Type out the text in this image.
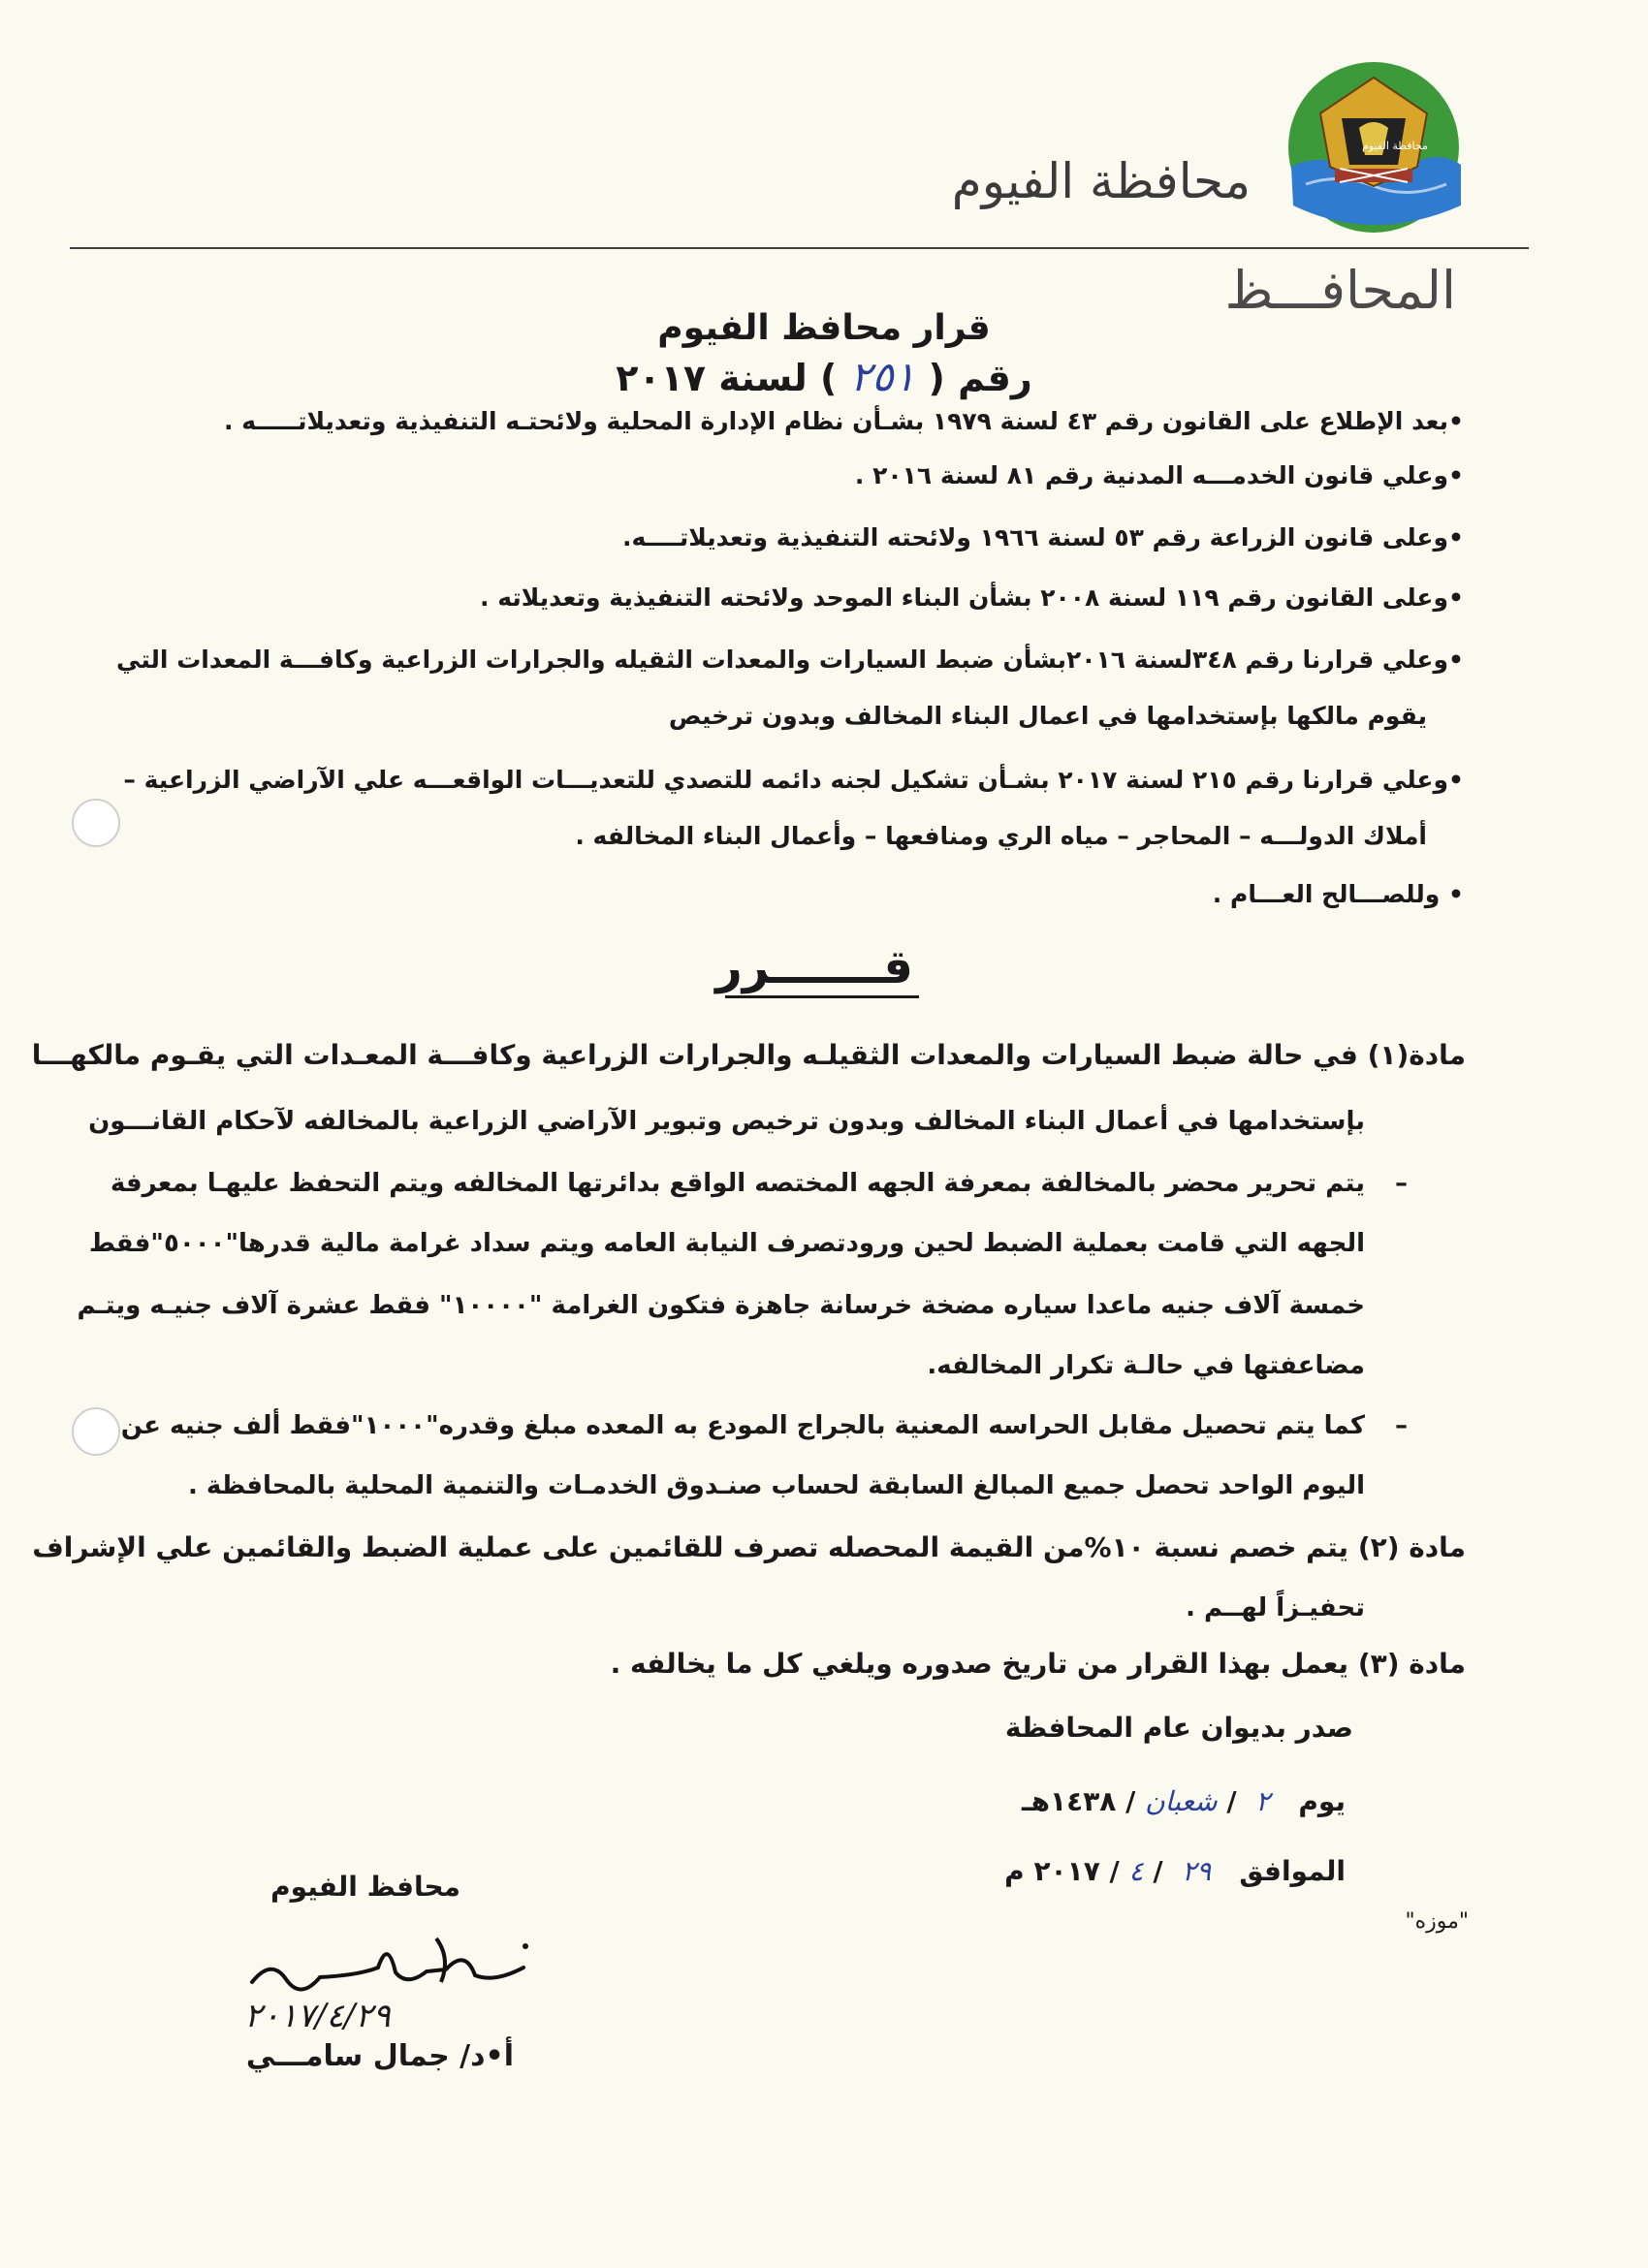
محافظة الفيوم
محافظة الفيوم
المحافـــظ
قرار محافظ الفيوم
رقم ( ٢٥١ ) لسنة ٢٠١٧
•بعد الإطلاع على القانون رقم ٤٣ لسنة ١٩٧٩ بشـأن نظام الإدارة المحلية ولائحتـه التنفيذية وتعديلاتـــــه .
•وعلي قانون الخدمـــه المدنية رقم ٨١ لسنة ٢٠١٦ .
•وعلى قانون الزراعة رقم ٥٣ لسنة ١٩٦٦ ولائحته التنفيذية وتعديلاتــــه.
•وعلى القانون رقم ١١٩ لسنة ٢٠٠٨ بشأن البناء الموحد ولائحته التنفيذية وتعديلاته .
•وعلي قرارنا رقم ٣٤٨لسنة ٢٠١٦بشأن ضبط السيارات والمعدات الثقيله والجرارات الزراعية وكافـــة المعدات التي
يقوم مالكها بإستخدامها في اعمال البناء المخالف وبدون ترخيص
•وعلي قرارنا رقم ٢١٥ لسنة ٢٠١٧ بشـأن تشكيل لجنه دائمه للتصدي للتعديـــات الواقعـــه علي الآراضي الزراعية –
أملاك الدولـــه – المحاجر – مياه الري ومنافعها – وأعمال البناء المخالفه .
• وللصـــالح العـــام .
قـــــــرر
مادة(١) في حالة ضبط السيارات والمعدات الثقيلـه والجرارات الزراعية وكافـــة المعـدات التي يقـوم مالكهـــا
بإستخدامها في أعمال البناء المخالف وبدون ترخيص وتبوير الآراضي الزراعية بالمخالفه لآحكام القانـــون
–
يتم تحرير محضر بالمخالفة بمعرفة الجهه المختصه الواقع بدائرتها المخالفه ويتم التحفظ عليهـا بمعرفة
الجهه التي قامت بعملية الضبط لحين ورودتصرف النيابة العامه ويتم سداد غرامة مالية قدرها"٥٠٠٠"فقط
خمسة آلاف جنيه ماعدا سياره مضخة خرسانة جاهزة فتكون الغرامة "١٠٠٠٠" فقط عشرة آلاف جنيـه ويتـم
مضاعفتها في حالـة تكرار المخالفه.
–
كما يتم تحصيل مقابل الحراسه المعنية بالجراج المودع به المعده مبلغ وقدره"١٠٠٠"فقط ألف جنيه عن
اليوم الواحد تحصل جميع المبالغ السابقة لحساب صنـدوق الخدمـات والتنمية المحلية بالمحافظة .
مادة (٢) يتم خصم نسبة ١٠%من القيمة المحصله تصرف للقائمين على عملية الضبط والقائمين علي الإشراف
تحفيـزاً لهــم .
مادة (٣) يعمل بهذا القرار من تاريخ صدوره ويلغي كل ما يخالفه .
صدر بديوان عام المحافظة
يوم   ٢  / شعبان / ١٤٣٨هـ
الموافق   ٢٩  / ٤ / ٢٠١٧ م
"موزه"
محافظ الفيوم
٢٠١٧/٤/٢٩
أ•د/ جمال سامـــي
